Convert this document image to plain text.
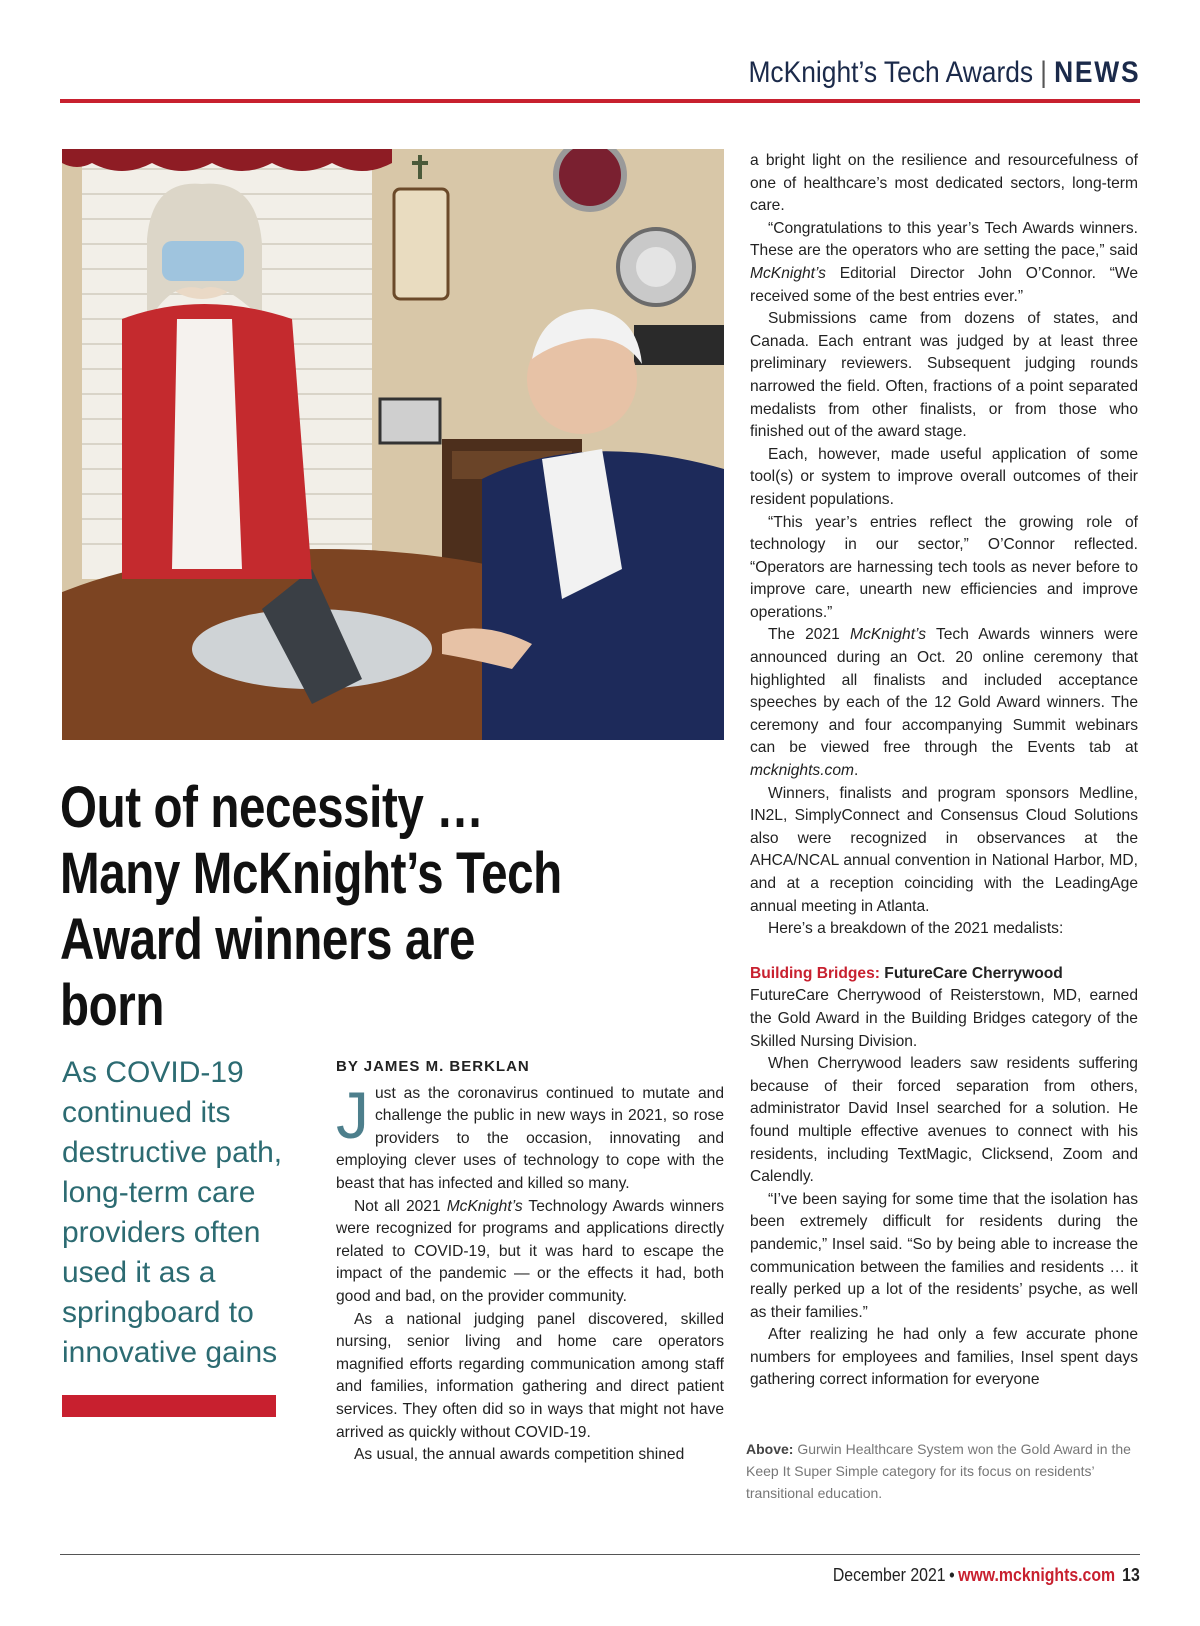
McKnight’s Tech Awards | NEWS
Out of necessity … Many McKnight’s Tech Award winners are born
As COVID-19 continued its destructive path, long-term care providers often used it as a springboard to innovative gains

BY JAMES M. BERKLAN

Just as the coronavirus continued to mutate and challenge the public in new ways in 2021, so rose providers to the occasion, innovating and employing clever uses of technology to cope with the beast that has infected and killed so many.

Not all 2021 McKnight’s Technology Awards winners were recognized for programs and applications directly related to COVID-19, but it was hard to escape the impact of the pandemic — or the effects it had, both good and bad, on the provider community.

As a national judging panel discovered, skilled nursing, senior living and home care operators magnified efforts regarding communication among staff and families, information gathering and direct patient services. They often did so in ways that might not have arrived as quickly without COVID-19.

As usual, the annual awards competition shined

a bright light on the resilience and resourcefulness of one of healthcare’s most dedicated sectors, long-term care.

“Congratulations to this year’s Tech Awards winners. These are the operators who are setting the pace,” said McKnight’s Editorial Director John O’Connor. “We received some of the best entries ever.”

Submissions came from dozens of states, and Canada. Each entrant was judged by at least three preliminary reviewers. Subsequent judging rounds narrowed the field. Often, fractions of a point separated medalists from other finalists, or from those who finished out of the award stage.

Each, however, made useful application of some tool(s) or system to improve overall outcomes of their resident populations.

“This year’s entries reflect the growing role of technology in our sector,” O’Connor reflected. “Operators are harnessing tech tools as never before to improve care, unearth new efficiencies and improve operations.”

The 2021 McKnight’s Tech Awards winners were announced during an Oct. 20 online ceremony that highlighted all finalists and included acceptance speeches by each of the 12 Gold Award winners. The ceremony and four accompanying Summit webinars can be viewed free through the Events tab at mcknights.com.

Winners, finalists and program sponsors Medline, IN2L, SimplyConnect and Consensus Cloud Solutions also were recognized in observances at the AHCA/NCAL annual convention in National Harbor, MD, and at a reception coinciding with the LeadingAge annual meeting in Atlanta.

Here’s a breakdown of the 2021 medalists:

Building Bridges: FutureCare Cherrywood

FutureCare Cherrywood of Reisterstown, MD, earned the Gold Award in the Building Bridges category of the Skilled Nursing Division.

When Cherrywood leaders saw residents suffering because of their forced separation from others, administrator David Insel searched for a solution. He found multiple effective avenues to connect with his residents, including TextMagic, Clicksend, Zoom and Calendly.

“I’ve been saying for some time that the isolation has been extremely difficult for residents during the pandemic,” Insel said. “So by being able to increase the communication between the families and residents … it really perked up a lot of the residents’ psyche, as well as their families.”

After realizing he had only a few accurate phone numbers for employees and families, Insel spent days gathering correct information for everyone

Above: Gurwin Healthcare System won the Gold Award in the Keep It Super Simple category for its focus on residents’ transitional education.
December 2021 • www.mcknights.com 13
